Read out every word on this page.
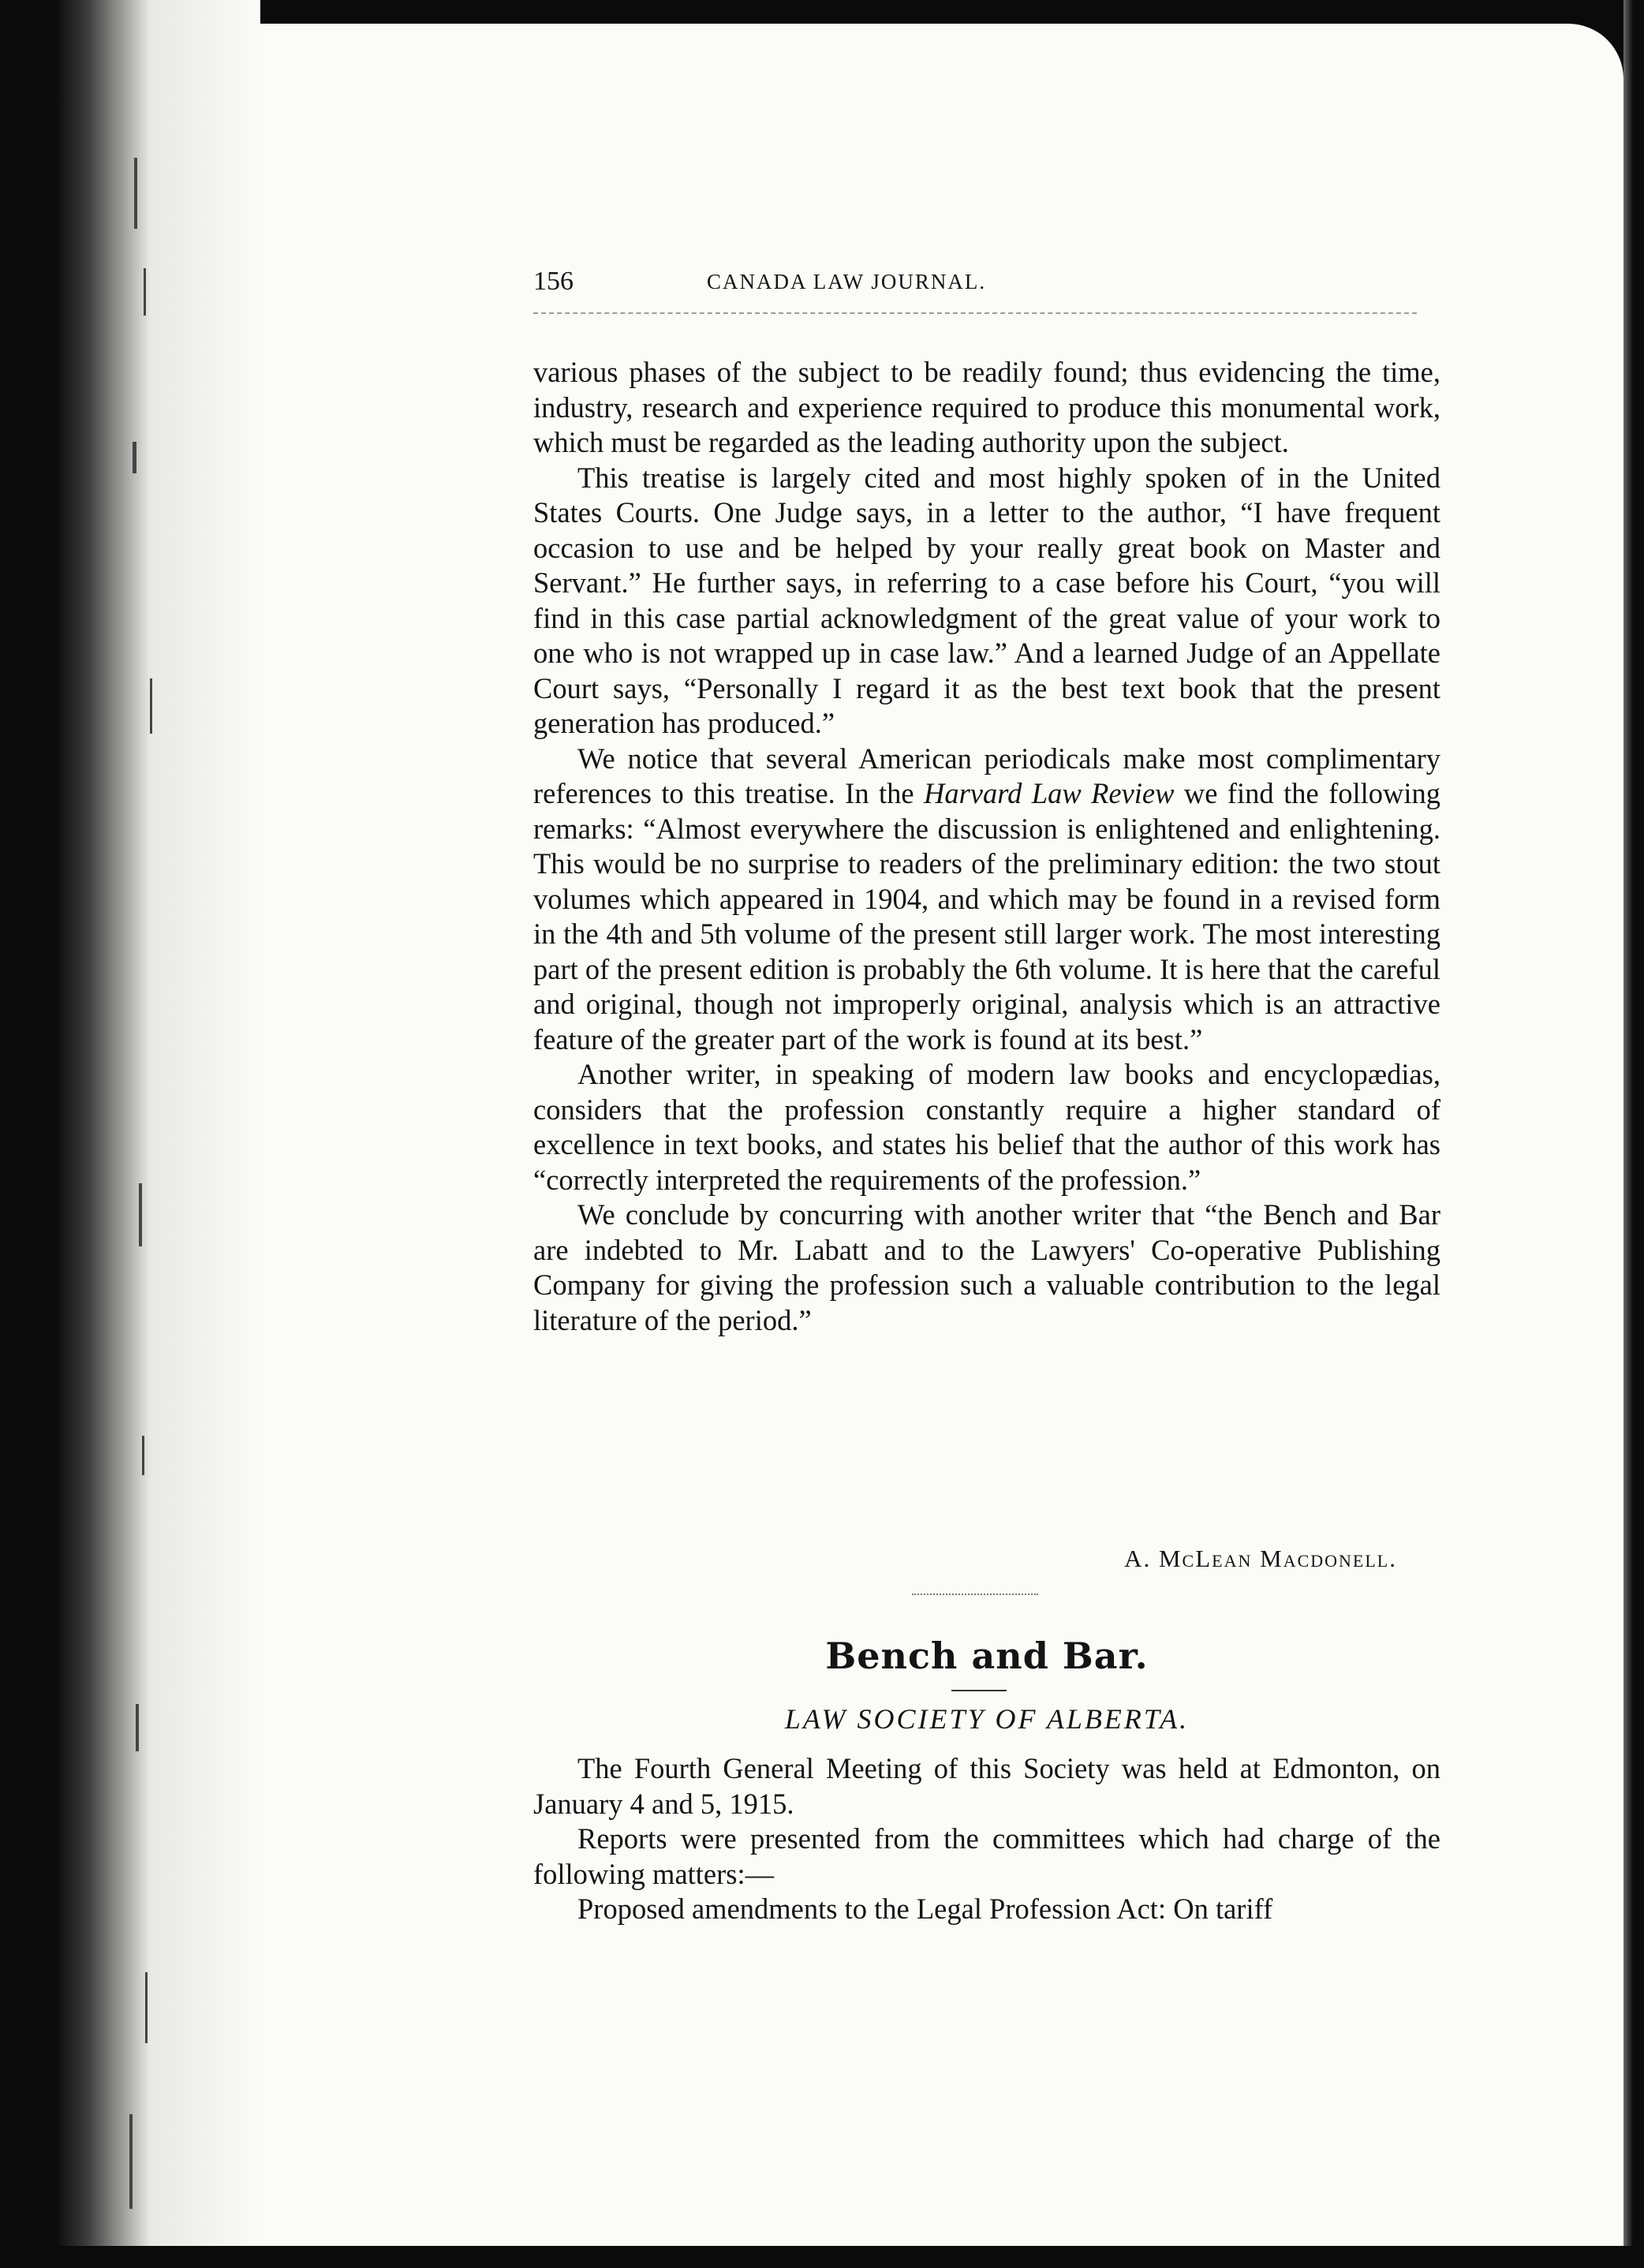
156	CANADA LAW JOURNAL.

various phases of the subject to be readily found; thus evidencing the time, industry, research and experience required to produce this monumental work, which must be regarded as the leading authority upon the subject.

This treatise is largely cited and most highly spoken of in the United States Courts. One Judge says, in a letter to the author, “I have frequent occasion to use and be helped by your really great book on Master and Servant.” He further says, in referring to a case before his Court, “you will find in this case partial acknowledgment of the great value of your work to one who is not wrapped up in case law.” And a learned Judge of an Appellate Court says, “Personally I regard it as the best text book that the present generation has produced.”

We notice that several American periodicals make most complimentary references to this treatise. In the Harvard Law Review we find the following remarks: “Almost everywhere the discussion is enlightened and enlightening. This would be no surprise to readers of the preliminary edition: the two stout volumes which appeared in 1904, and which may be found in a revised form in the 4th and 5th volume of the present still larger work. The most interesting part of the present edition is probably the 6th volume. It is here that the careful and original, though not improperly original, analysis which is an attractive feature of the greater part of the work is found at its best.”

Another writer, in speaking of modern law books and encyclopædias, considers that the profession constantly require a higher standard of excellence in text books, and states his belief that the author of this work has “correctly interpreted the requirements of the profession.”

We conclude by concurring with another writer that “the Bench and Bar are indebted to Mr. Labatt and to the Lawyers' Co-operative Publishing Company for giving the profession such a valuable contribution to the legal literature of the period.”

A. McLean Macdonell.
Bench and Bar.
LAW SOCIETY OF ALBERTA.

The Fourth General Meeting of this Society was held at Edmonton, on January 4 and 5, 1915.

Reports were presented from the committees which had charge of the following matters:—

Proposed amendments to the Legal Profession Act: On tariff
